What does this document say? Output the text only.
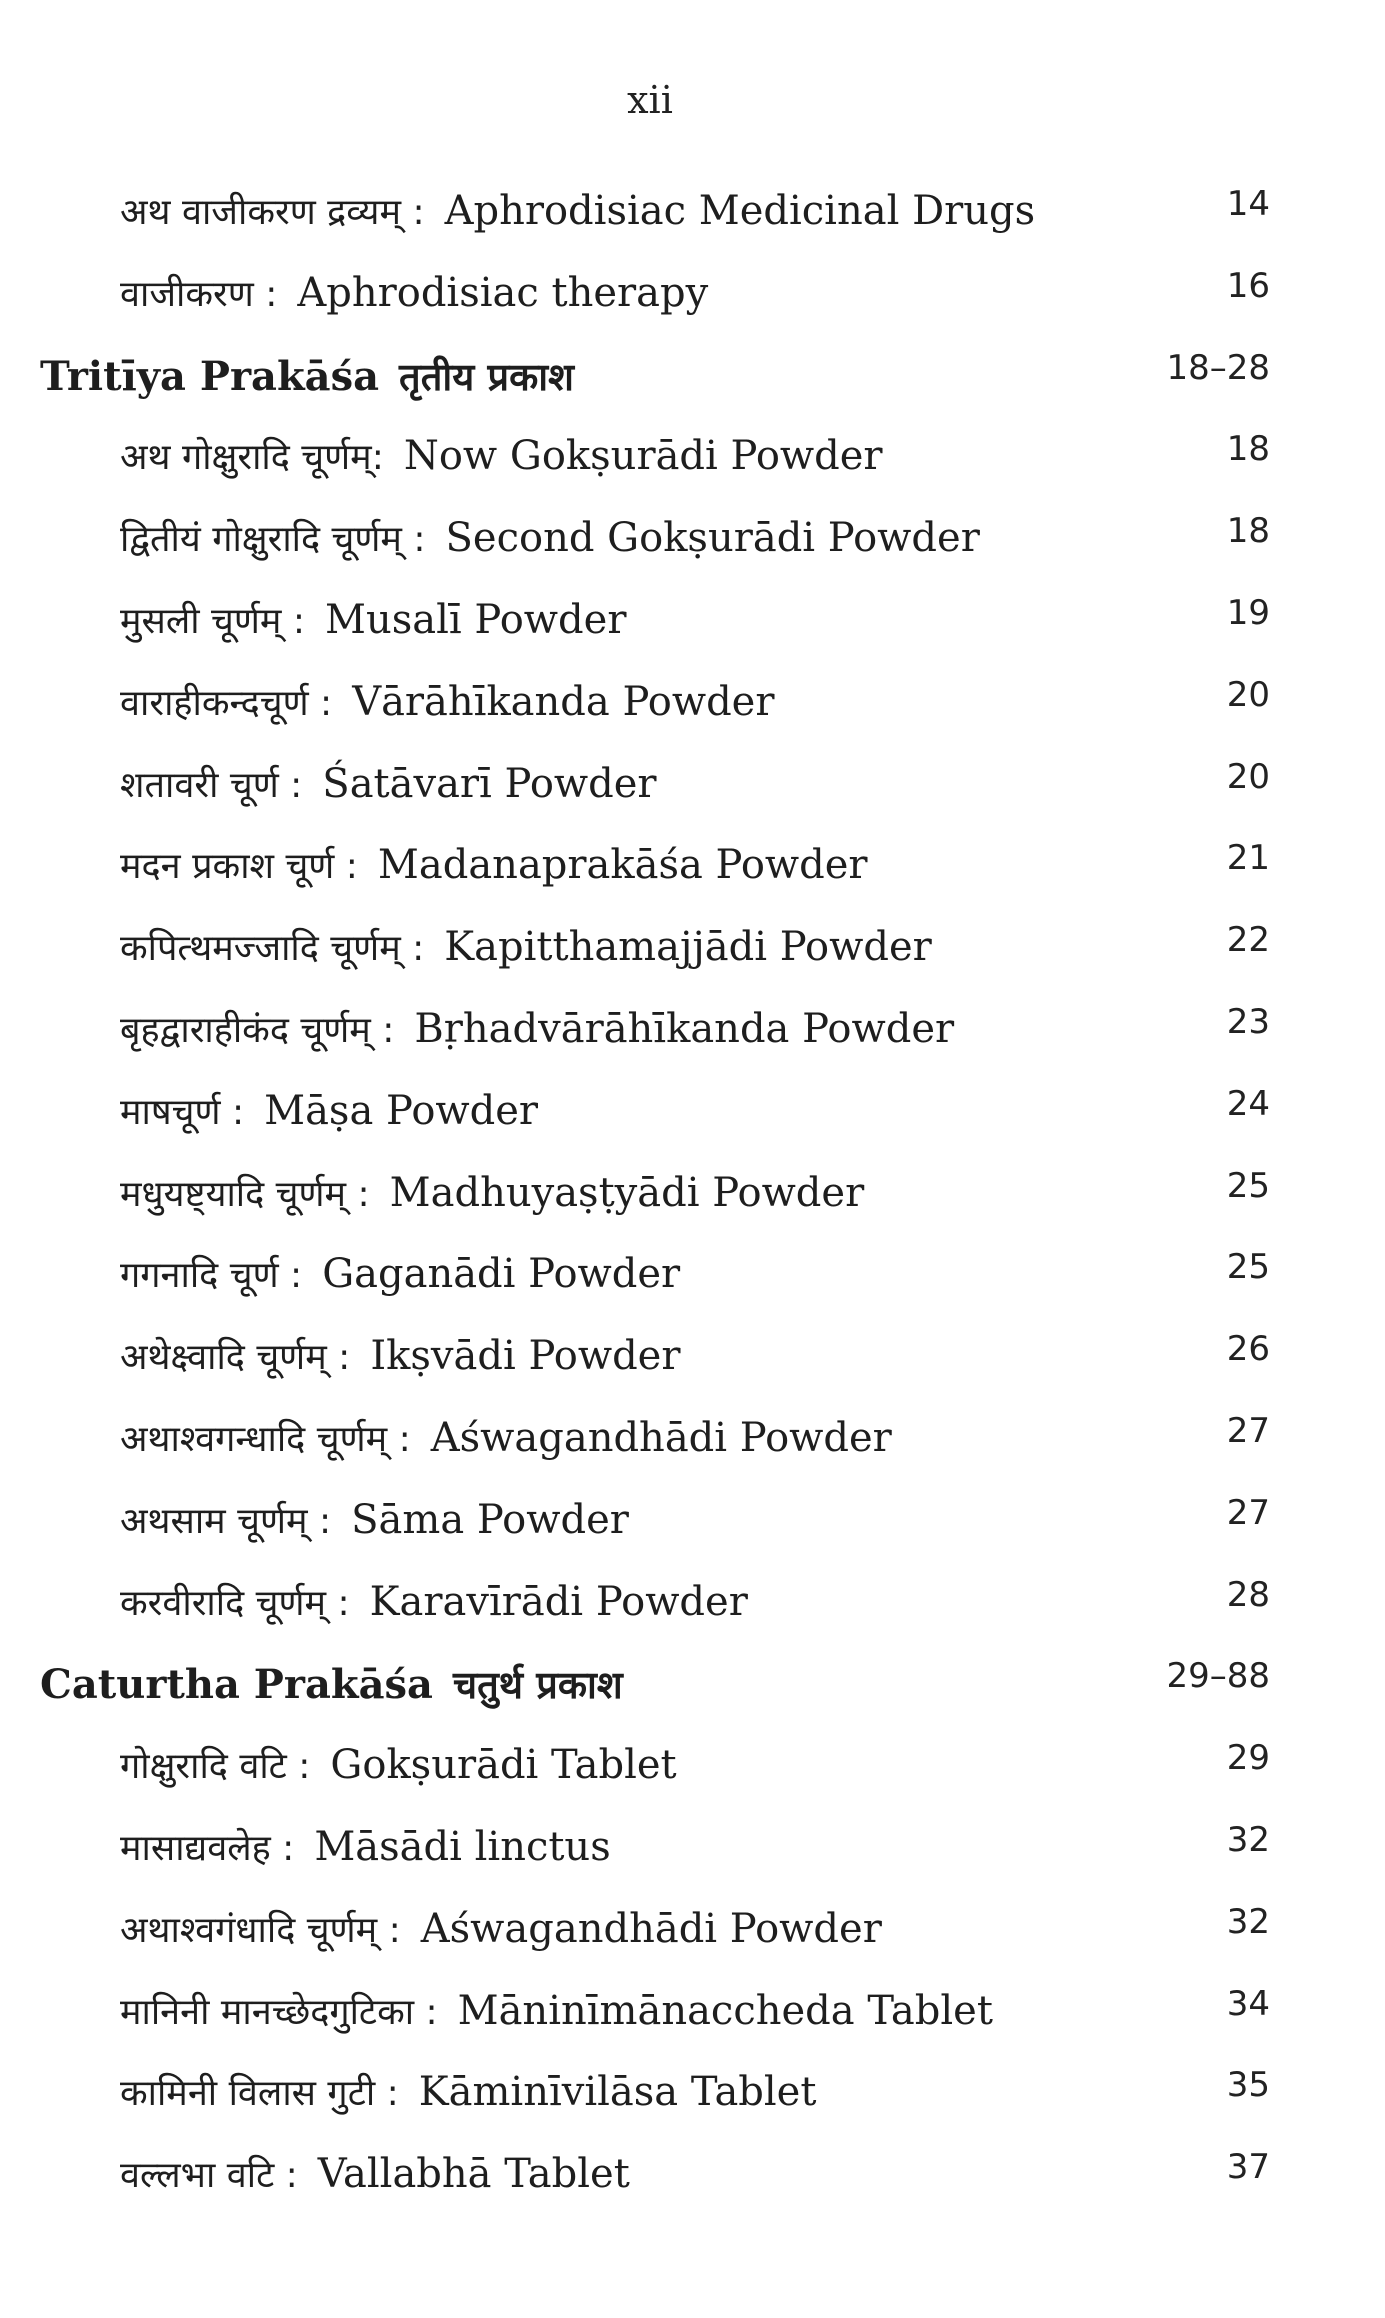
xii
अथ वाजीकरण द्रव्यम् : Aphrodisiac Medicinal Drugs	14
वाजीकरण : Aphrodisiac therapy	16
Tritīya Prakāśa तृतीय प्रकाश	18–28
अथ गोक्षुरादि चूर्णम्: Now Gokṣurādi Powder	18
द्वितीयं गोक्षुरादि चूर्णम् : Second Gokṣurādi Powder	18
मुसली चूर्णम् : Musalī Powder	19
वाराहीकन्दचूर्ण : Vārāhīkanda Powder	20
शतावरी चूर्ण : Śatāvarī Powder	20
मदन प्रकाश चूर्ण : Madanaprakāśa Powder	21
कपित्थमज्जादि चूर्णम् : Kapitthamajjādi Powder	22
बृहद्वाराहीकंद चूर्णम् : Bṛhadvārāhīkanda Powder	23
माषचूर्ण : Māṣa Powder	24
मधुयष्ट्यादि चूर्णम् : Madhuyaṣṭyādi Powder	25
गगनादि चूर्ण : Gaganādi Powder	25
अथेक्ष्वादि चूर्णम् : Ikṣvādi Powder	26
अथाश्वगन्धादि चूर्णम् : Aśwagandhādi Powder	27
अथसाम चूर्णम् : Sāma Powder	27
करवीरादि चूर्णम् : Karavīrādi Powder	28
Caturtha Prakāśa चतुर्थ प्रकाश	29–88
गोक्षुरादि वटि : Gokṣurādi Tablet	29
मासाद्यवलेह : Māsādi linctus	32
अथाश्वगंधादि चूर्णम् : Aśwagandhādi Powder	32
मानिनी मानच्छेदगुटिका : Māninīmānaccheda Tablet	34
कामिनी विलास गुटी : Kāminīvilāsa Tablet	35
वल्लभा वटि : Vallabhā Tablet	37
